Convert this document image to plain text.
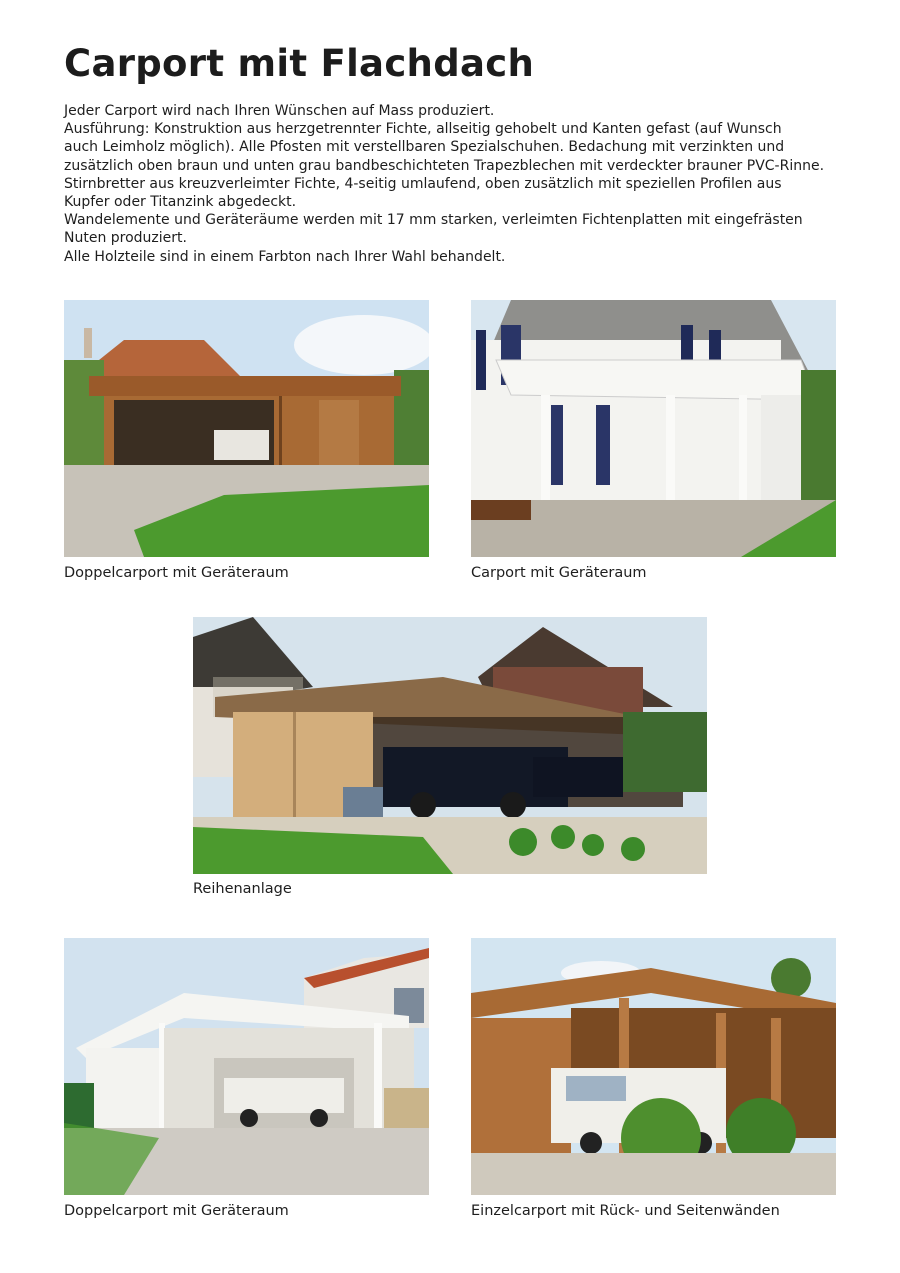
Carport mit Flachdach

Jeder Carport wird nach Ihren Wünschen auf Mass produziert.

Ausführung: Konstruktion aus herzgetrennter Fichte, allseitig gehobelt und Kanten gefast (auf Wunsch

auch Leimholz möglich). Alle Pfosten mit verstellbaren Spezialschuhen. Bedachung mit verzinkten und

zusätzlich oben braun und unten grau bandbeschichteten Trapezblechen mit verdeckter brauner PVC-Rinne.

Stirnbretter aus kreuzverleimter Fichte, 4-seitig umlaufend, oben zusätzlich mit speziellen Profilen aus

Kupfer oder Titanzink abgedeckt.

Wandelemente und Geräteräume werden mit 17 mm starken, verleimten Fichtenplatten mit eingefrästen

Nuten produziert.

Alle Holzteile sind in einem Farbton nach Ihrer Wahl behandelt.

Doppelcarport mit Geräteraum	Carport mit Geräteraum
Reihenanlage
Doppelcarport mit Geräteraum	Einzelcarport mit Rück- und Seitenwänden
